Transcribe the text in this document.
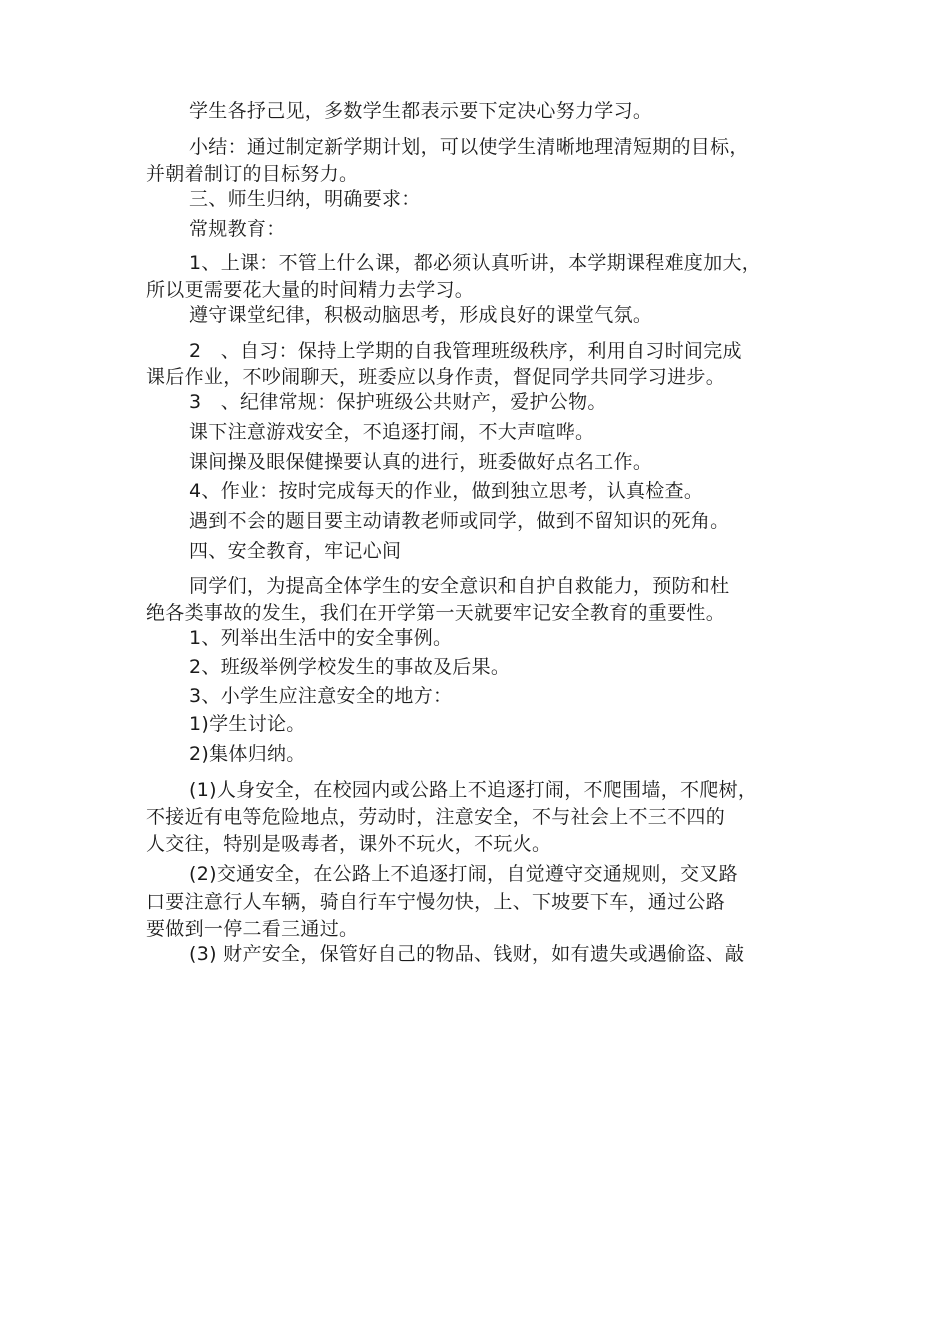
学生各抒己见，多数学生都表示要下定决心努力学习。
小结：通过制定新学期计划，可以使学生清晰地理清短期的目标，
并朝着制订的目标努力。
三、师生归纳，明确要求：
常规教育：
1、上课：不管上什么课，都必须认真听讲，本学期课程难度加大，
所以更需要花大量的时间精力去学习。
遵守课堂纪律，积极动脑思考，形成良好的课堂气氛。
2　、自习：保持上学期的自我管理班级秩序，利用自习时间完成
课后作业，不吵闹聊天，班委应以身作责，督促同学共同学习进步。
3　、纪律常规：保护班级公共财产，爱护公物。
课下注意游戏安全，不追逐打闹，不大声喧哗。
课间操及眼保健操要认真的进行，班委做好点名工作。
4、作业：按时完成每天的作业，做到独立思考，认真检查。
遇到不会的题目要主动请教老师或同学，做到不留知识的死角。
四、安全教育，牢记心间
同学们，为提高全体学生的安全意识和自护自救能力，预防和杜
绝各类事故的发生，我们在开学第一天就要牢记安全教育的重要性。
1、列举出生活中的安全事例。
2、班级举例学校发生的事故及后果。
3、小学生应注意安全的地方：
1)学生讨论。
2)集体归纳。
(1)人身安全，在校园内或公路上不追逐打闹，不爬围墙，不爬树，
不接近有电等危险地点，劳动时，注意安全，不与社会上不三不四的
人交往，特别是吸毒者，课外不玩火，不玩火。
(2)交通安全，在公路上不追逐打闹，自觉遵守交通规则，交叉路
口要注意行人车辆，骑自行车宁慢勿快，上、下坡要下车，通过公路
要做到一停二看三通过。
(3) 财产安全，保管好自己的物品、钱财，如有遗失或遇偷盗、敲
